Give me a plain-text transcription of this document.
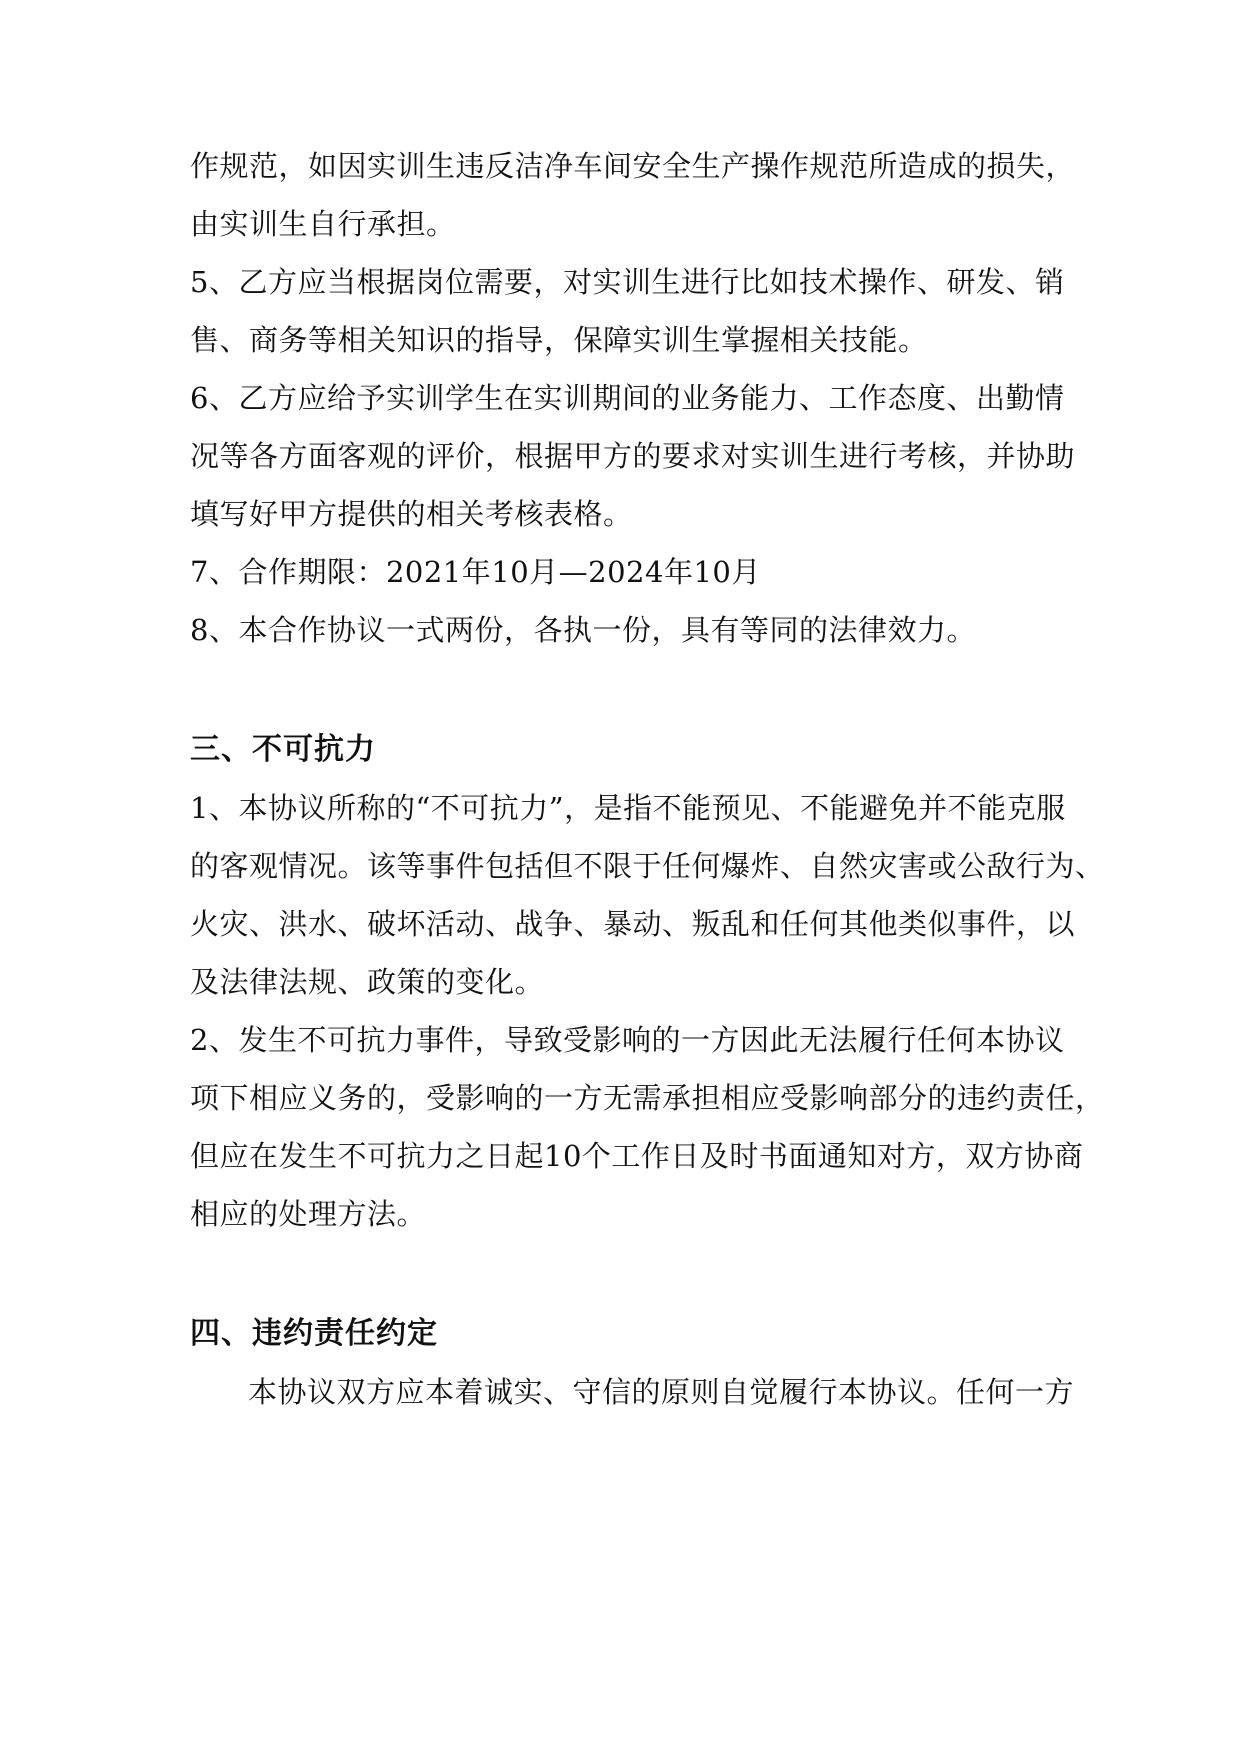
作规范，如因实训生违反洁净车间安全生产操作规范所造成的损失，
由实训生自行承担。
5、乙方应当根据岗位需要，对实训生进行比如技术操作、研发、销
售、商务等相关知识的指导，保障实训生掌握相关技能。
6、乙方应给予实训学生在实训期间的业务能力、工作态度、出勤情
况等各方面客观的评价，根据甲方的要求对实训生进行考核，并协助
填写好甲方提供的相关考核表格。
7、合作期限：2021年10月—2024年10月
8、本合作协议一式两份，各执一份，具有等同的法律效力。
三、不可抗力
1、本协议所称的“不可抗力”，是指不能预见、不能避免并不能克服
的客观情况。该等事件包括但不限于任何爆炸、自然灾害或公敌行为、
火灾、洪水、破坏活动、战争、暴动、叛乱和任何其他类似事件，以
及法律法规、政策的变化。
2、发生不可抗力事件，导致受影响的一方因此无法履行任何本协议
项下相应义务的，受影响的一方无需承担相应受影响部分的违约责任，
但应在发生不可抗力之日起10个工作日及时书面通知对方，双方协商
相应的处理方法。
四、违约责任约定
本协议双方应本着诚实、守信的原则自觉履行本协议。任何一方
